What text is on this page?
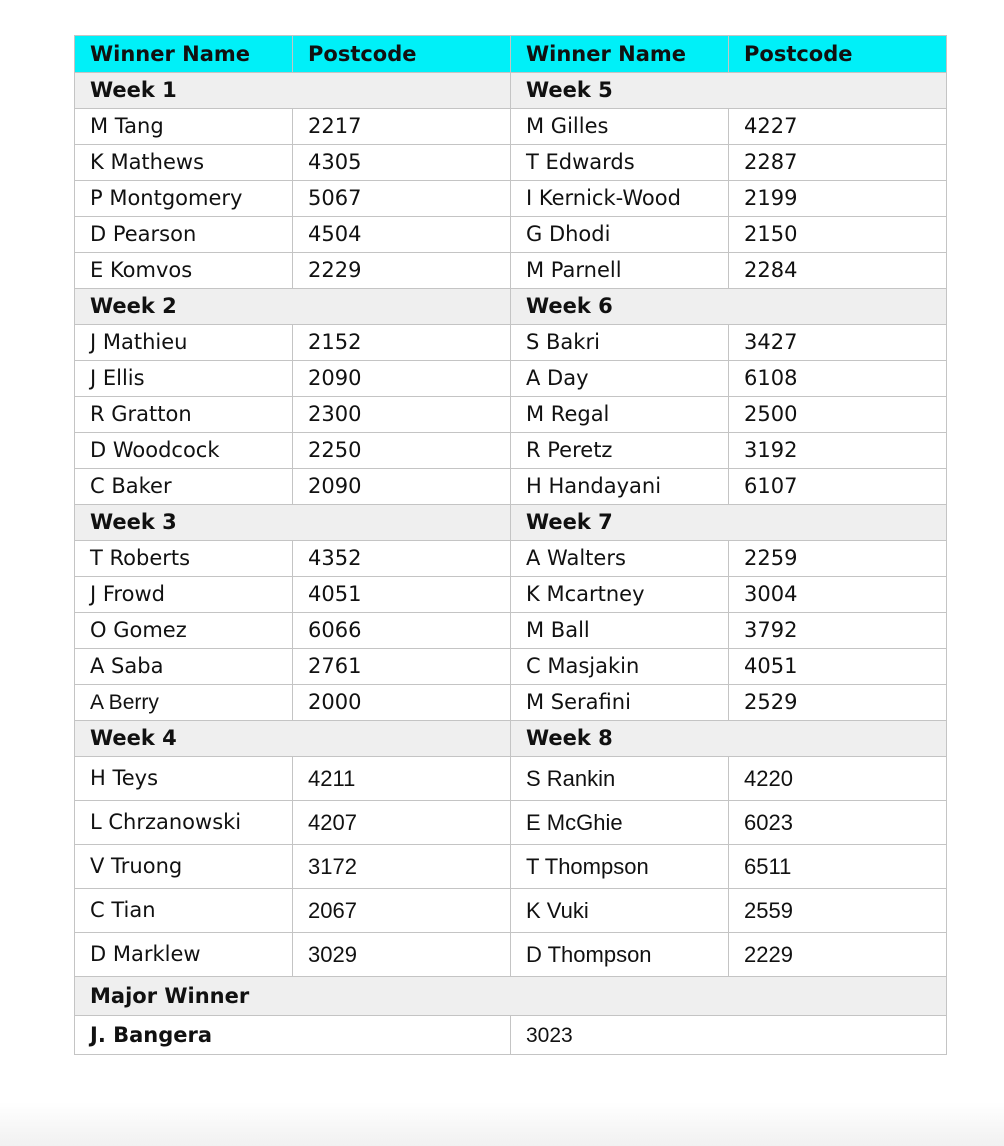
Winner Name	Postcode	Winner Name	Postcode
Week 1		Week 5	
M Tang	2217	M Gilles	4227
K Mathews	4305	T Edwards	2287
P Montgomery	5067	I Kernick-Wood	2199
D Pearson	4504	G Dhodi	2150
E Komvos	2229	M Parnell	2284
Week 2		Week 6	
J Mathieu	2152	S Bakri	3427
J Ellis	2090	A Day	6108
R Gratton	2300	M Regal	2500
D Woodcock	2250	R Peretz	3192
C Baker	2090	H Handayani	6107
Week 3		Week 7	
T Roberts	4352	A Walters	2259
J Frowd	4051	K Mcartney	3004
O Gomez	6066	M Ball	3792
A Saba	2761	C Masjakin	4051
A Berry	2000	M Serafini	2529
Week 4		Week 8	
H Teys	4211	S Rankin	4220
L Chrzanowski	4207	E McGhie	6023
V Truong	3172	T Thompson	6511
C Tian	2067	K Vuki	2559
D Marklew	3029	D Thompson	2229
Major Winner			
J. Bangera		3023	
